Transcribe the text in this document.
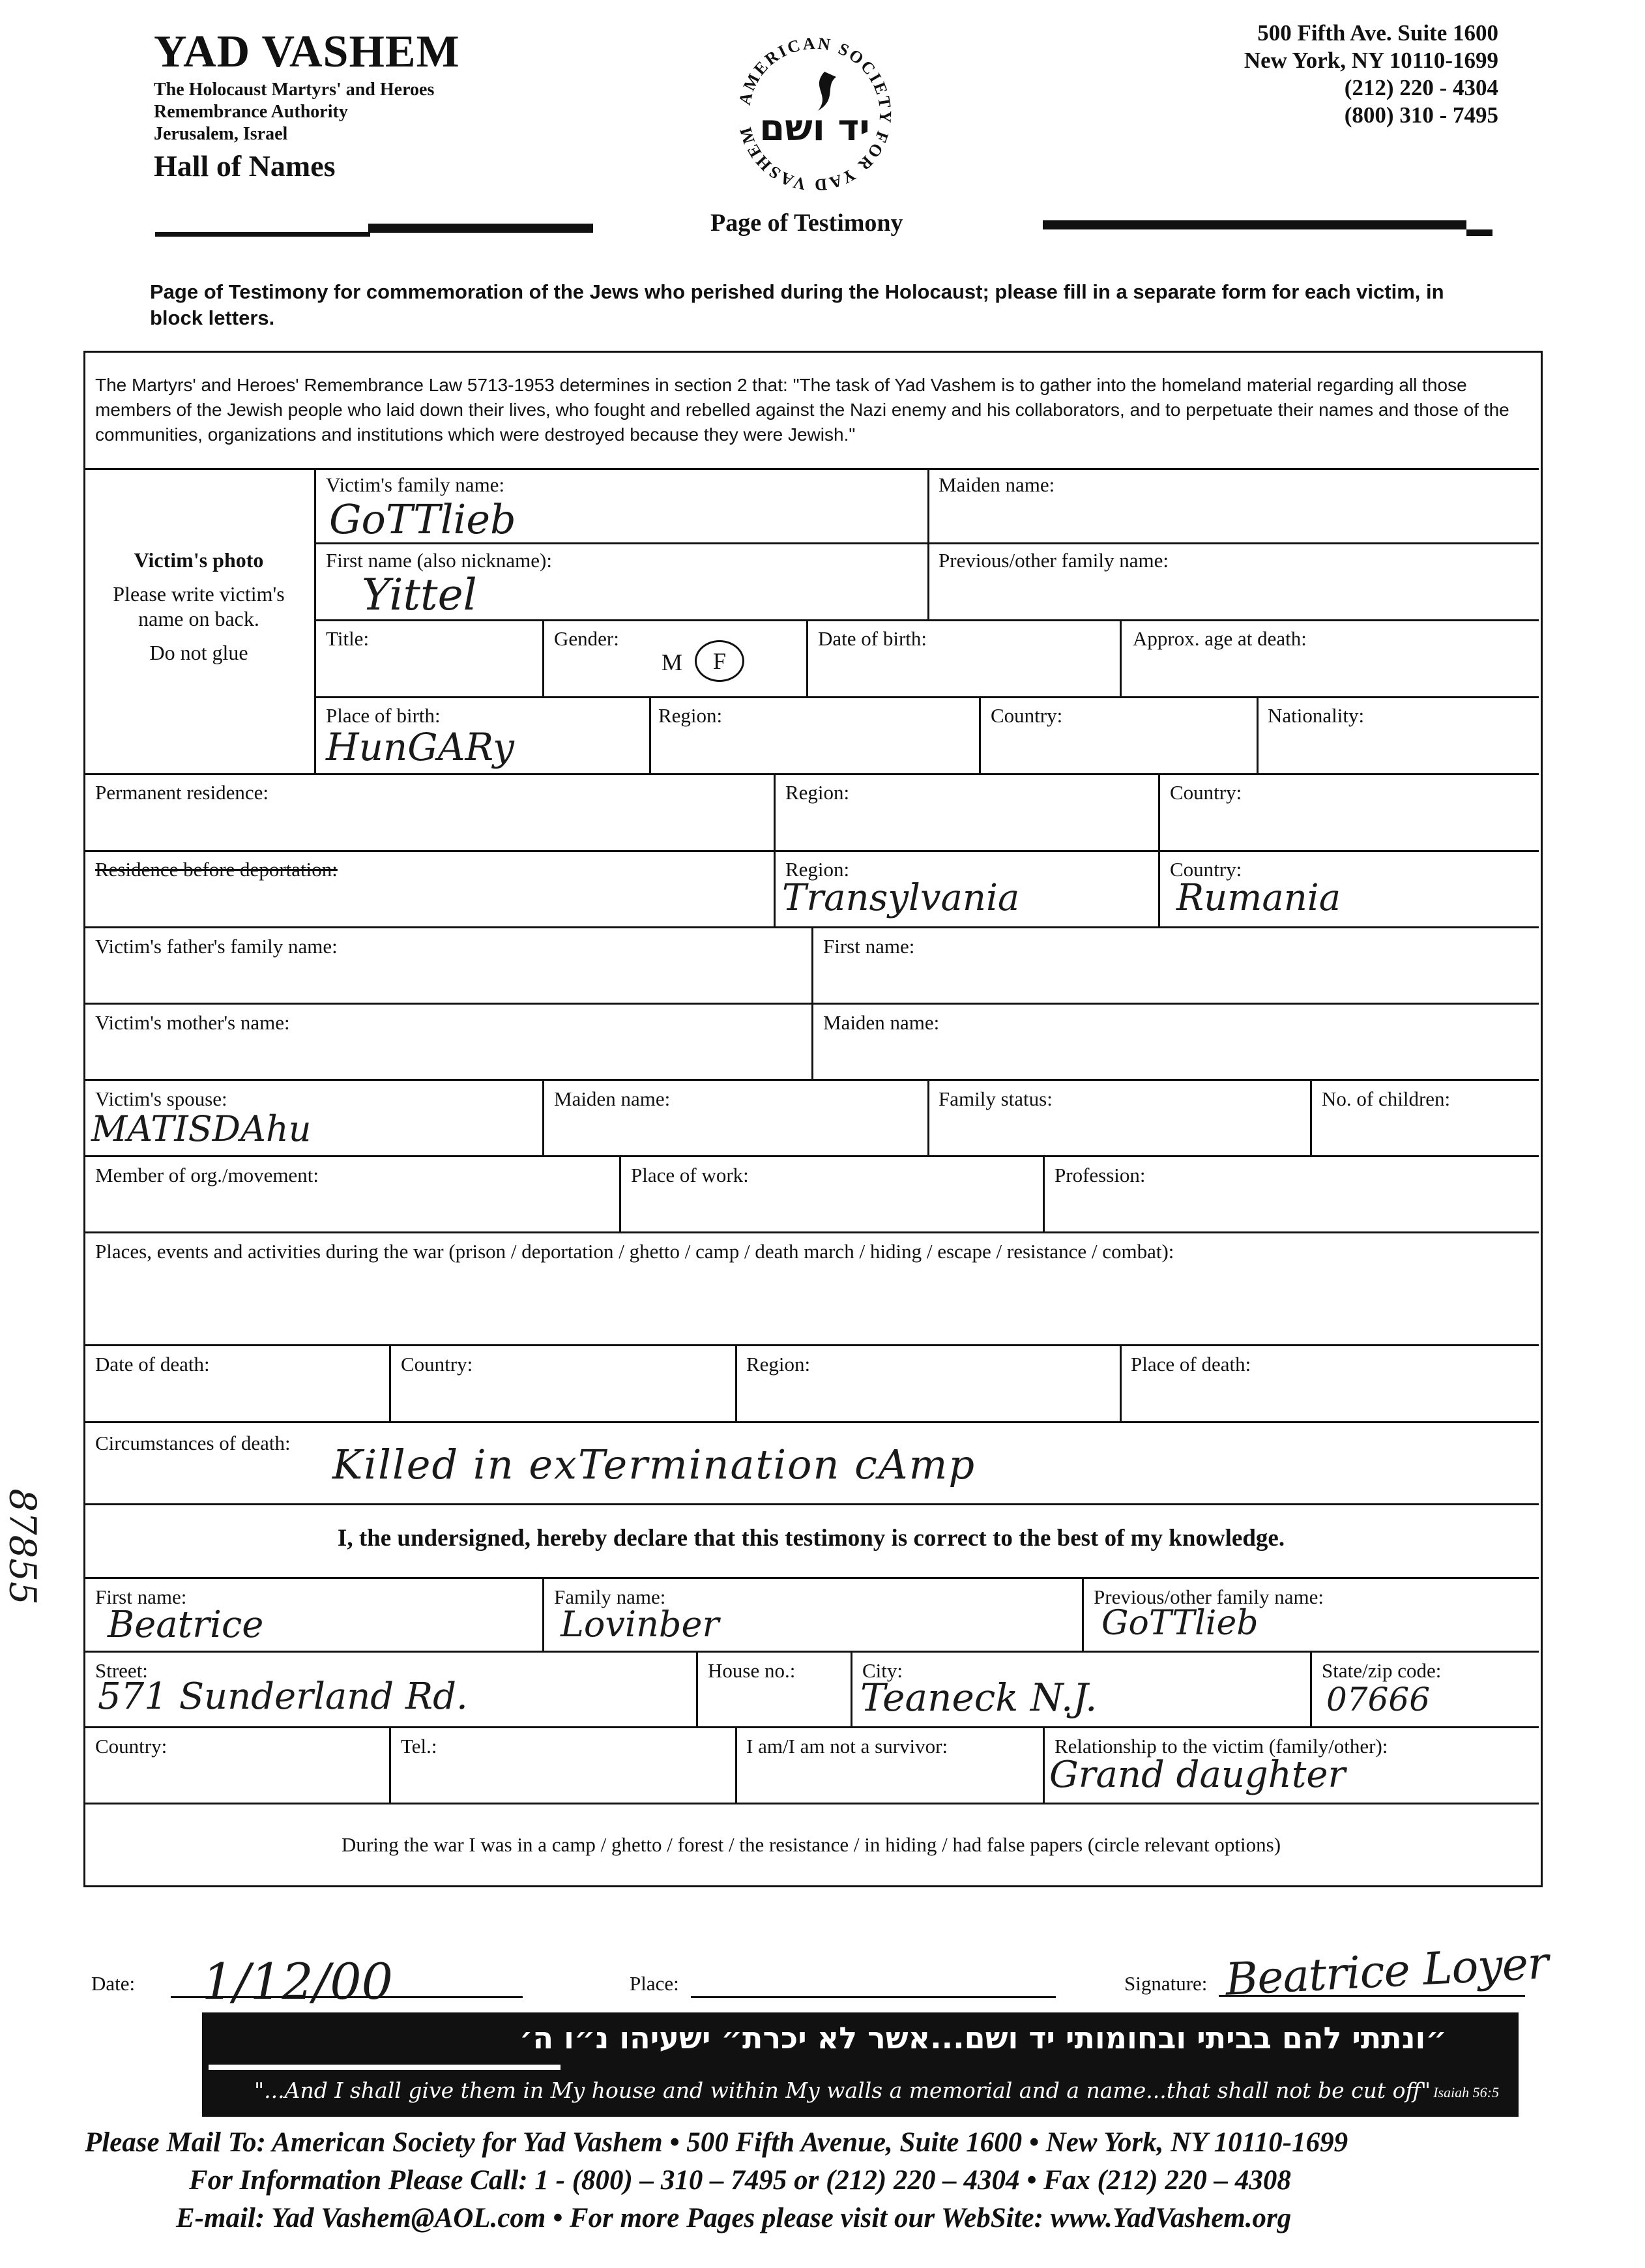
YAD VASHEM
The Holocaust Martyrs' and Heroes
Remembrance Authority
Jerusalem, Israel
Hall of Names
AMERICAN SOCIETY FOR YAD VASHEM יד ושם
Page of Testimony
500 Fifth Ave. Suite 1600
New York, NY 10110-1699
(212) 220 - 4304
(800) 310 - 7495
Page of Testimony for commemoration of the Jews who perished during the Holocaust; please fill in a separate form for each victim, in block letters.
The Martyrs' and Heroes' Remembrance Law 5713-1953 determines in section 2 that: "The task of Yad Vashem is to gather into the homeland material regarding all those members of the Jewish people who laid down their lives, who fought and rebelled against the Nazi enemy and his collaborators, and to perpetuate their names and those of the communities, organizations and institutions which were destroyed because they were Jewish."
Victim's photo
Please write victim's
name on back.
Do not glue
Victim's family name:
GoTTlieb
Maiden name:
First name (also nickname):
Yittel
Previous/other family name:
Title:	Gender:
M	F
Date of birth:	Approx. age at death:
Place of birth:
HunGARy
Region:	Country:	Nationality:
Permanent residence:	Region:	Country:
Residence before deportation:	Region:
Transylvania
Country:
Rumania
Victim's father's family name:	First name:
Victim's mother's name:	Maiden name:
Victim's spouse:
MATISDAhu
Maiden name:	Family status:	No. of children:
Member of org./movement:	Place of work:	Profession:
Places, events and activities during the war (prison / deportation / ghetto / camp / death march / hiding / escape / resistance / combat):
Date of death:	Country:	Region:	Place of death:
Circumstances of death: Killed in exTermination cAmp
I, the undersigned, hereby declare that this testimony is correct to the best of my knowledge.
First name:
Beatrice
Family name:
Lovinber
Previous/other family name:
GoTTlieb
Street:
571 Sunderland Rd.
House no.:	City:
Teaneck N.J.
State/zip code:
07666
Country:	Tel.:	I am/I am not a survivor:	Relationship to the victim (family/other):
Grand daughter
During the war I was in a camp / ghetto / forest / the resistance / in hiding / had false papers (circle relevant options)
Date: 1/12/00	Place:	Signature: Beatrice Loyer
״ונתתי להם בביתי ובחומותי יד ושם...אשר לא יכרת״ ישעיהו נ״ו ה׳
"...And I shall give them in My house and within My walls a memorial and a name...that shall not be cut off" Isaiah 56:5
Please Mail To: American Society for Yad Vashem • 500 Fifth Avenue, Suite 1600 • New York, NY 10110-1699
For Information Please Call: 1 - (800) – 310 – 7495 or (212) 220 – 4304 • Fax (212) 220 – 4308
E-mail: Yad Vashem@AOL.com • For more Pages please visit our WebSite: www.YadVashem.org
87855
